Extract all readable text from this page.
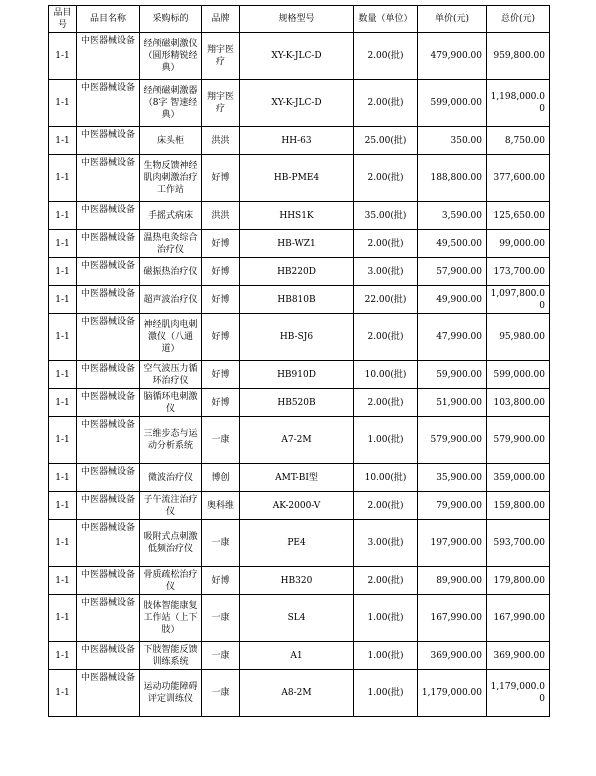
品目号	品目名称	采购标的	品牌	规格型号	数量（单位）	单价(元)	总价(元)
1-1	中医器械设备	经颅磁刺激仪（圆形精锐经典）	翔宇医疗	XY-K-JLC-D	2.00(批)	479,900.00	959,800.00
1-1	中医器械设备	经颅磁刺激器（8字 智速经典）	翔宇医疗	XY-K-JLC-D	2.00(批)	599,000.00	1,198,000.00
1-1	中医器械设备	床头柜	洪洪	HH-63	25.00(批)	350.00	8,750.00
1-1	中医器械设备	生物反馈神经肌肉刺激治疗工作站	好博	HB-PME4	2.00(批)	188,800.00	377,600.00
1-1	中医器械设备	手摇式病床	洪洪	HHS1K	35.00(批)	3,590.00	125,650.00
1-1	中医器械设备	温热电灸综合治疗仪	好博	HB-WZ1	2.00(批)	49,500.00	99,000.00
1-1	中医器械设备	磁振热治疗仪	好博	HB220D	3.00(批)	57,900.00	173,700.00
1-1	中医器械设备	超声波治疗仪	好博	HB810B	22.00(批)	49,900.00	1,097,800.00
1-1	中医器械设备	神经肌肉电刺激仪（八通道）	好博	HB-SJ6	2.00(批)	47,990.00	95,980.00
1-1	中医器械设备	空气波压力循环治疗仪	好博	HB910D	10.00(批)	59,900.00	599,000.00
1-1	中医器械设备	脑循环电刺激仪	好博	HB520B	2.00(批)	51,900.00	103,800.00
1-1	中医器械设备	三维步态与运动分析系统	一康	A7-2M	1.00(批)	579,900.00	579,900.00
1-1	中医器械设备	微波治疗仪	博创	AMT-BI型	10.00(批)	35,900.00	359,000.00
1-1	中医器械设备	子午流注治疗仪	奥科维	AK-2000-V	2.00(批)	79,900.00	159,800.00
1-1	中医器械设备	吸附式点刺激低频治疗仪	一康	PE4	3.00(批)	197,900.00	593,700.00
1-1	中医器械设备	骨质疏松治疗仪	好博	HB320	2.00(批)	89,900.00	179,800.00
1-1	中医器械设备	肢体智能康复工作站（上下肢）	一康	SL4	1.00(批)	167,990.00	167,990.00
1-1	中医器械设备	下肢智能反馈训练系统	一康	A1	1.00(批)	369,900.00	369,900.00
1-1	中医器械设备	运动功能障碍评定训练仪	一康	A8-2M	1.00(批)	1,179,000.00	1,179,000.00
